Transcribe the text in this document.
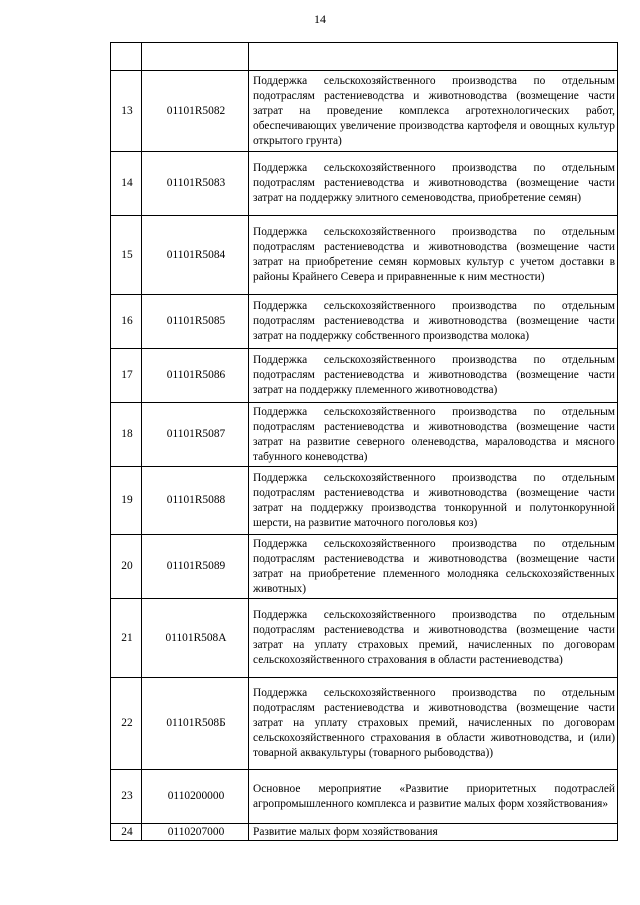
14

13	01101R5082	Поддержка сельскохозяйственного производства по отдельным подотраслям растениеводства и животноводства (возмещение части затрат на проведение комплекса агротехнологических работ, обеспечивающих увеличение производства картофеля и овощных культур открытого грунта)
14	01101R5083	Поддержка сельскохозяйственного производства по отдельным подотраслям растениеводства и животноводства (возмещение части затрат на поддержку элитного семеноводства, приобретение семян)
15	01101R5084	Поддержка сельскохозяйственного производства по отдельным подотраслям растениеводства и животноводства (возмещение части затрат на приобретение семян кормовых культур с учетом доставки в районы Крайнего Севера и приравненные к ним местности)
16	01101R5085	Поддержка сельскохозяйственного производства по отдельным подотраслям растениеводства и животноводства (возмещение части затрат на поддержку собственного производства молока)
17	01101R5086	Поддержка сельскохозяйственного производства по отдельным подотраслям растениеводства и животноводства (возмещение части затрат на поддержку племенного животноводства)
18	01101R5087	Поддержка сельскохозяйственного производства по отдельным подотраслям растениеводства и животноводства (возмещение части затрат на развитие северного оленеводства, мараловодства и мясного табунного коневодства)
19	01101R5088	Поддержка сельскохозяйственного производства по отдельным подотраслям растениеводства и животноводства (возмещение части затрат на поддержку производства тонкорунной и полутонкорунной шерсти, на развитие маточного поголовья коз)
20	01101R5089	Поддержка сельскохозяйственного производства по отдельным подотраслям растениеводства и животноводства (возмещение части затрат на приобретение племенного молодняка сельскохозяйственных животных)
21	01101R508А	Поддержка сельскохозяйственного производства по отдельным подотраслям растениеводства и животноводства (возмещение части затрат на уплату страховых премий, начисленных по договорам сельскохозяйственного страхования в области растениеводства)
22	01101R508Б	Поддержка сельскохозяйственного производства по отдельным подотраслям растениеводства и животноводства (возмещение части затрат на уплату страховых премий, начисленных по договорам сельскохозяйственного страхования в области животноводства, и (или) товарной аквакультуры (товарного рыбоводства))
23	0110200000	Основное мероприятие «Развитие приоритетных подотраслей агропромышленного комплекса и развитие малых форм хозяйствования»
24	0110207000	Развитие малых форм хозяйствования
